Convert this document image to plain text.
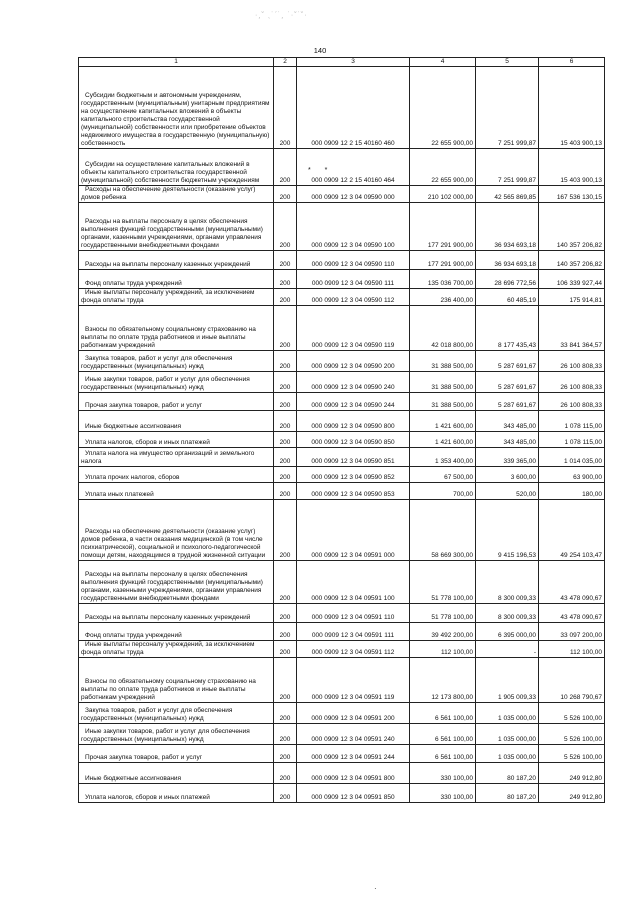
·¸˘ ˎ˙ˊ˙¸ ˙·˘˙˘·
140
1	2	3	4	5	6
Субсидии бюджетным и автономным учреждениям, государственным (муниципальным) унитарным предприятиям на осуществление капитальных вложений в объекты капитального строительства государственной (муниципальной) собственности или приобретение объектов недвижимого имущества в государственную (муниципальную) собственность	200	000 0909 12 2 15 40160 460	22 655 900,00	7 251 999,87	15 403 900,13
Субсидии на осуществление капитальных вложений в объекты капитального строительства государственной (муниципальной) собственности бюджетным учреждениям	200	000 0909 12 2 15 40160 464	22 655 900,00	7 251 999,87	15 403 900,13
Расходы на обеспечение деятельности (оказание услуг) домов ребенка	200	000 0909 12 3 04 09590 000	210 102 000,00	42 565 869,85	167 536 130,15
Расходы на выплаты персоналу в целях обеспечения выполнения функций государственными (муниципальными) органами, казенными учреждениями, органами управления государственными внебюджетными фондами	200	000 0909 12 3 04 09590 100	177 291 900,00	36 934 693,18	140 357 206,82
Расходы на выплаты персоналу казенных учреждений	200	000 0909 12 3 04 09590 110	177 291 900,00	36 934 693,18	140 357 206,82
Фонд оплаты труда учреждений	200	000 0909 12 3 04 09590 111	135 036 700,00	28 696 772,56	106 339 927,44
Иные выплаты персоналу учреждений, за исключением фонда оплаты труда	200	000 0909 12 3 04 09590 112	236 400,00	60 485,19	175 914,81
Взносы по обязательному социальному страхованию на выплаты по оплате труда работников и иные выплаты работникам учреждений	200	000 0909 12 3 04 09590 119	42 018 800,00	8 177 435,43	33 841 364,57
Закупка товаров, работ и услуг для обеспечения государственных (муниципальных) нужд	200	000 0909 12 3 04 09590 200	31 388 500,00	5 287 691,67	26 100 808,33
Иные закупки товаров, работ и услуг для обеспечения государственных (муниципальных) нужд	200	000 0909 12 3 04 09590 240	31 388 500,00	5 287 691,67	26 100 808,33
Прочая закупка товаров, работ и услуг	200	000 0909 12 3 04 09590 244	31 388 500,00	5 287 691,67	26 100 808,33
Иные бюджетные ассигнования	200	000 0909 12 3 04 09590 800	1 421 600,00	343 485,00	1 078 115,00
Уплата налогов, сборов и иных платежей	200	000 0909 12 3 04 09590 850	1 421 600,00	343 485,00	1 078 115,00
Уплата налога на имущество организаций и земельного налога	200	000 0909 12 3 04 09590 851	1 353 400,00	339 365,00	1 014 035,00
Уплата прочих налогов, сборов	200	000 0909 12 3 04 09590 852	67 500,00	3 600,00	63 900,00
Уплата иных платежей	200	000 0909 12 3 04 09590 853	700,00	520,00	180,00
Расходы на обеспечение деятельности (оказание услуг) домов ребенка, в части оказания медицинской (в том числе психиатрической), социальной и психолого-педагогической помощи детям, находящимся в трудной жизненной ситуации	200	000 0909 12 3 04 09591 000	58 669 300,00	9 415 196,53	49 254 103,47
Расходы на выплаты персоналу в целях обеспечения выполнения функций государственными (муниципальными) органами, казенными учреждениями, органами управления государственными внебюджетными фондами	200	000 0909 12 3 04 09591 100	51 778 100,00	8 300 009,33	43 478 090,67
Расходы на выплаты персоналу казенных учреждений	200	000 0909 12 3 04 09591 110	51 778 100,00	8 300 009,33	43 478 090,67
Фонд оплаты труда учреждений	200	000 0909 12 3 04 09591 111	39 492 200,00	6 395 000,00	33 097 200,00
Иные выплаты персоналу учреждений, за исключением фонда оплаты труда	200	000 0909 12 3 04 09591 112	112 100,00	-	112 100,00
Взносы по обязательному социальному страхованию на выплаты по оплате труда работников и иные выплаты работникам учреждений	200	000 0909 12 3 04 09591 119	12 173 800,00	1 905 009,33	10 268 790,67
Закупка товаров, работ и услуг для обеспечения государственных (муниципальных) нужд	200	000 0909 12 3 04 09591 200	6 561 100,00	1 035 000,00	5 526 100,00
Иные закупки товаров, работ и услуг для обеспечения государственных (муниципальных) нужд	200	000 0909 12 3 04 09591 240	6 561 100,00	1 035 000,00	5 526 100,00
Прочая закупка товаров, работ и услуг	200	000 0909 12 3 04 09591 244	6 561 100,00	1 035 000,00	5 526 100,00
Иные бюджетные ассигнования	200	000 0909 12 3 04 09591 800	330 100,00	80 187,20	249 912,80
Уплата налогов, сборов и иных платежей	200	000 0909 12 3 04 09591 850	330 100,00	80 187,20	249 912,80
* *
·
